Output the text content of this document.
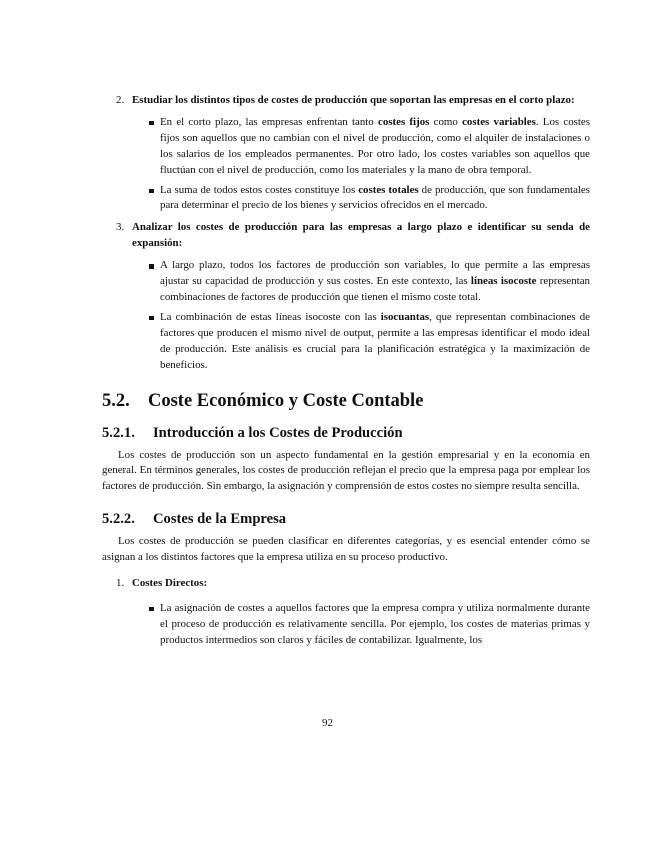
2. Estudiar los distintos tipos de costes de producción que soportan las empresas en el corto plazo:
En el corto plazo, las empresas enfrentan tanto costes fijos como costes variables. Los costes fijos son aquellos que no cambian con el nivel de producción, como el alquiler de instalaciones o los salarios de los empleados permanentes. Por otro lado, los costes variables son aquellos que fluctúan con el nivel de producción, como los materiales y la mano de obra temporal.
La suma de todos estos costes constituye los costes totales de producción, que son fundamentales para determinar el precio de los bienes y servicios ofrecidos en el mercado.
3. Analizar los costes de producción para las empresas a largo plazo e identificar su senda de expansión:
A largo plazo, todos los factores de producción son variables, lo que permite a las empresas ajustar su capacidad de producción y sus costes. En este contexto, las líneas isocoste representan combinaciones de factores de producción que tienen el mismo coste total.
La combinación de estas líneas isocoste con las isocuantas, que representan combinaciones de factores que producen el mismo nivel de output, permite a las empresas identificar el modo ideal de producción. Este análisis es crucial para la planificación estratégica y la maximización de beneficios.
5.2. Coste Económico y Coste Contable
5.2.1. Introducción a los Costes de Producción

Los costes de producción son un aspecto fundamental en la gestión empresarial y en la economía en general. En términos generales, los costes de producción reflejan el precio que la empresa paga por emplear los factores de producción. Sin embargo, la asignación y comprensión de estos costes no siempre resulta sencilla.

5.2.2. Costes de la Empresa

Los costes de producción se pueden clasificar en diferentes categorías, y es esencial entender cómo se asignan a los distintos factores que la empresa utiliza en su proceso productivo.

1. Costes Directos:
La asignación de costes a aquellos factores que la empresa compra y utiliza normalmente durante el proceso de producción es relativamente sencilla. Por ejemplo, los costes de materias primas y productos intermedios son claros y fáciles de contabilizar. Igualmente, los
92
